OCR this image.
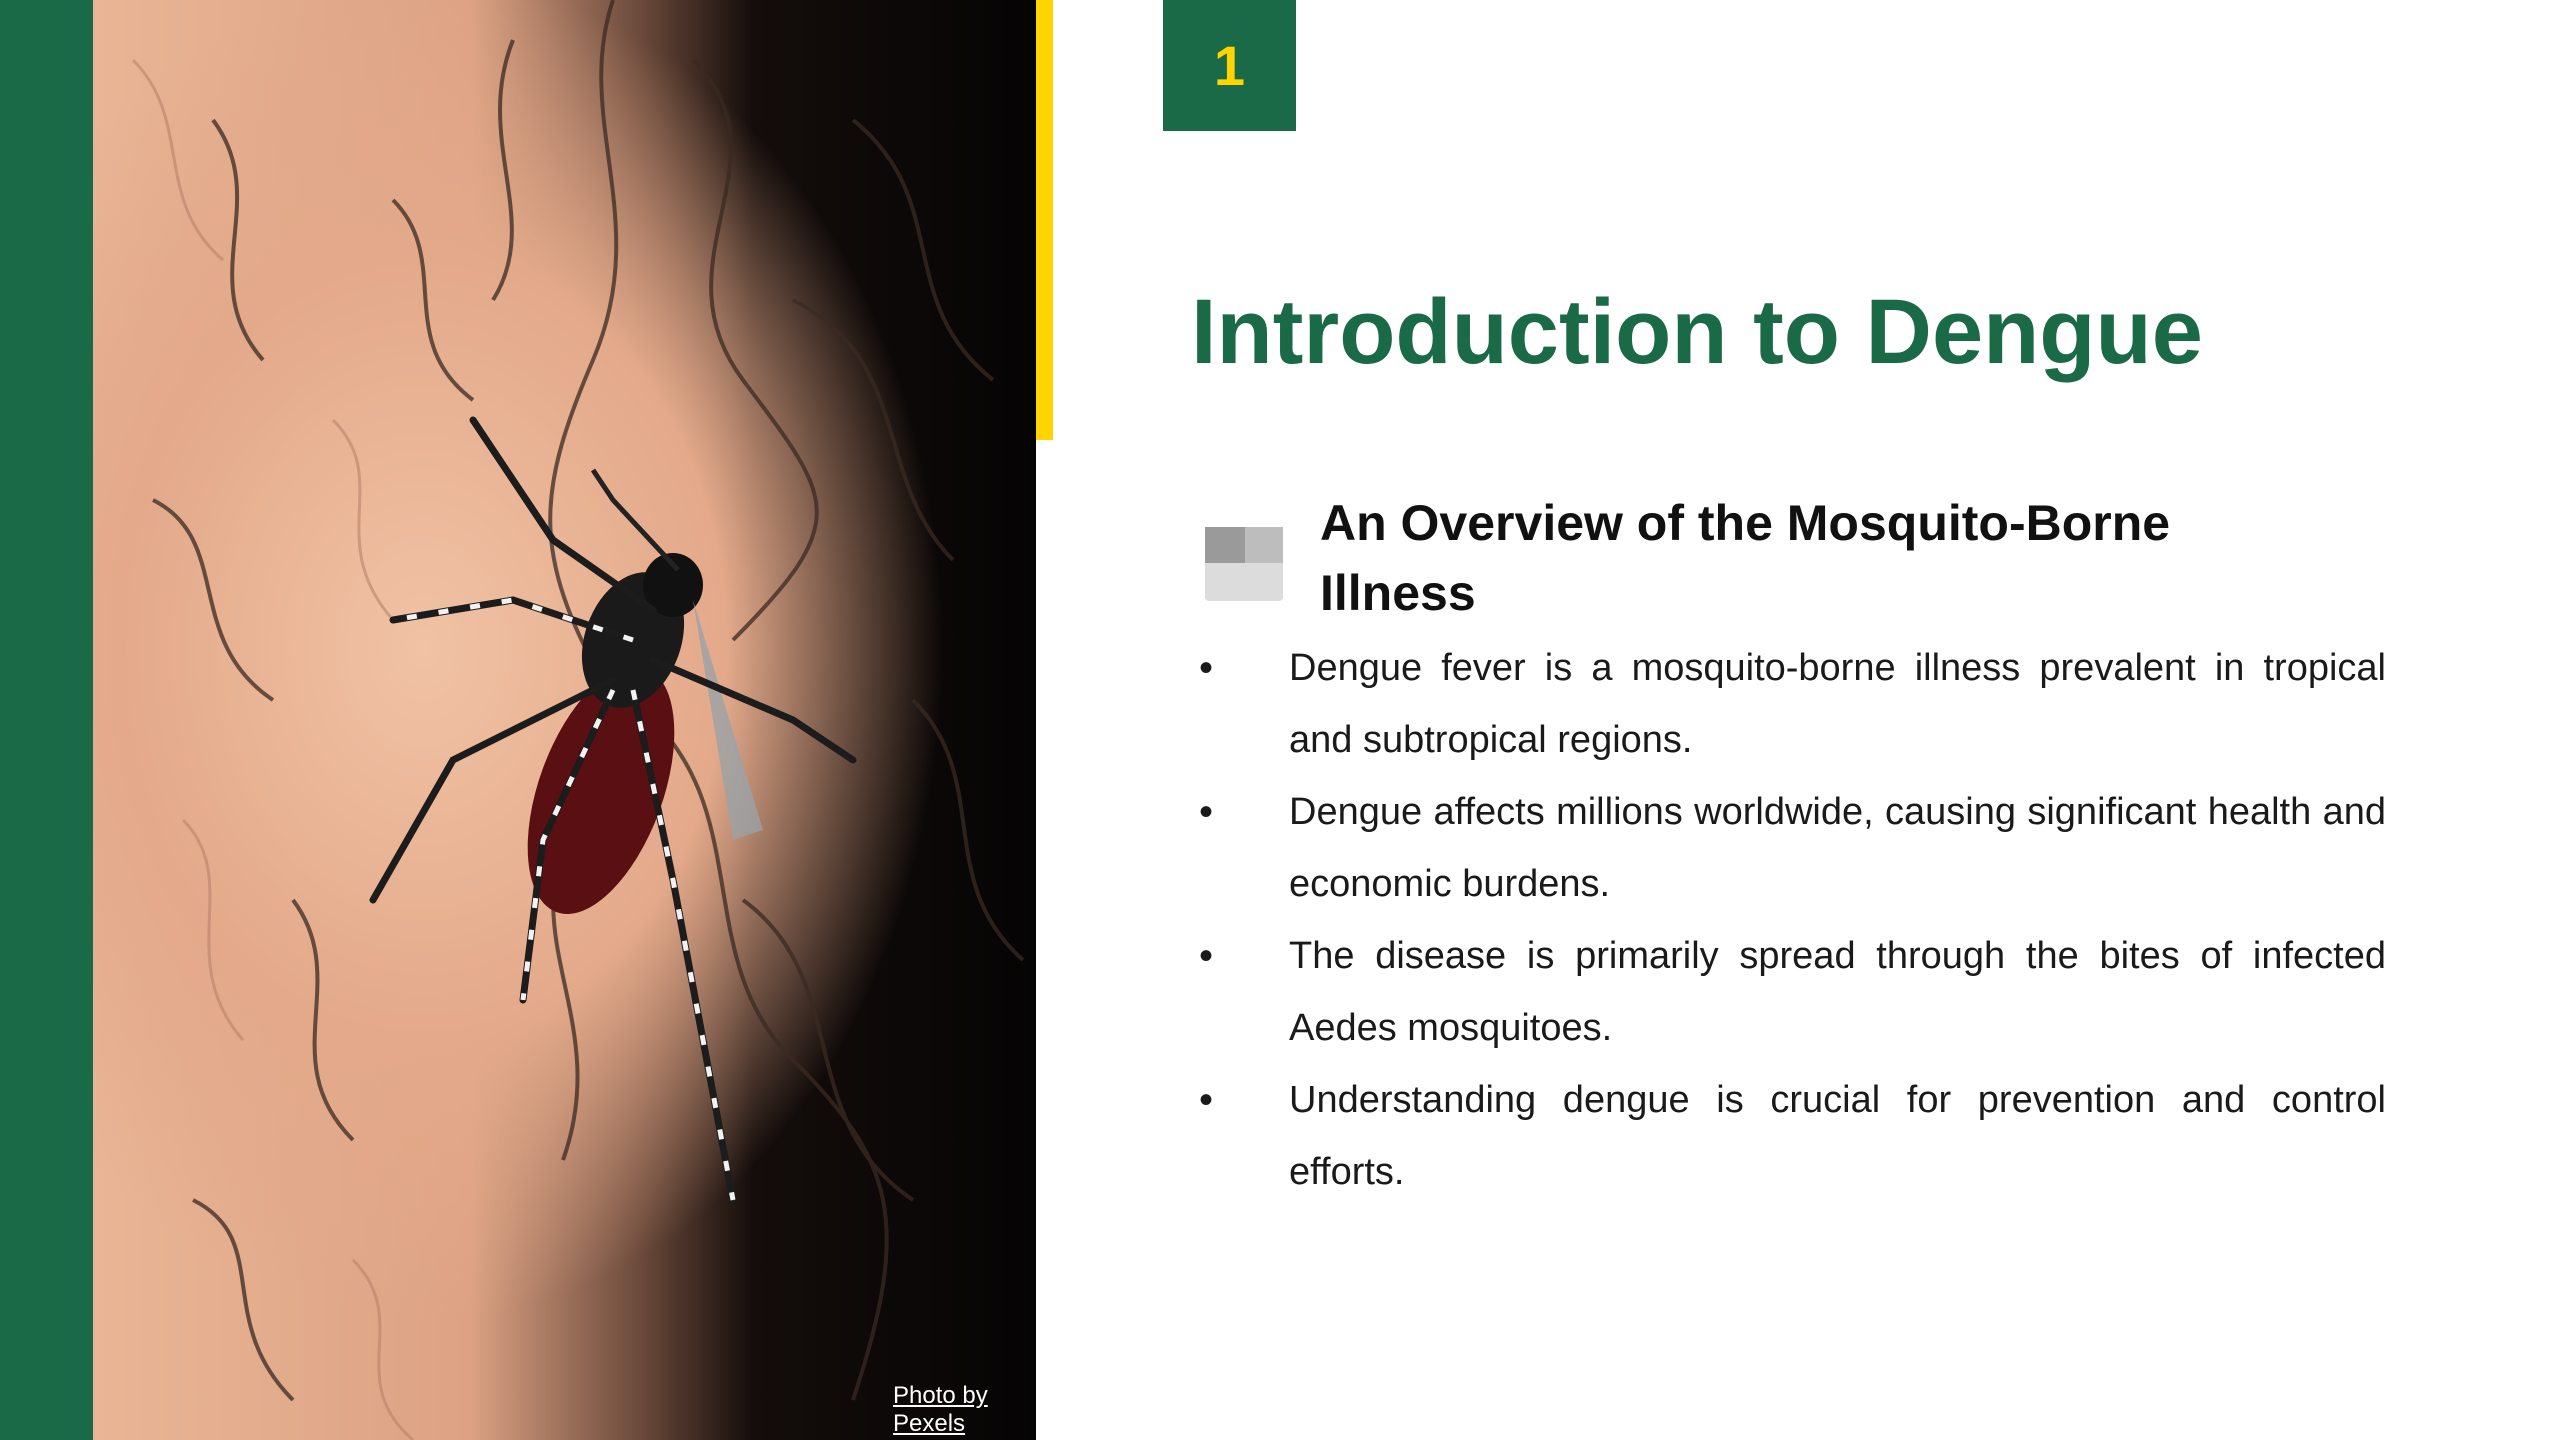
Photo by Pexels
1
Introduction to Dengue

An Overview of the Mosquito-Borne Illness

• Dengue fever is a mosquito-borne illness prevalent in tropical and subtropical regions.
• Dengue affects millions worldwide, causing significant health and economic burdens.
• The disease is primarily spread through the bites of infected Aedes mosquitoes.
• Understanding dengue is crucial for prevention and control efforts.
